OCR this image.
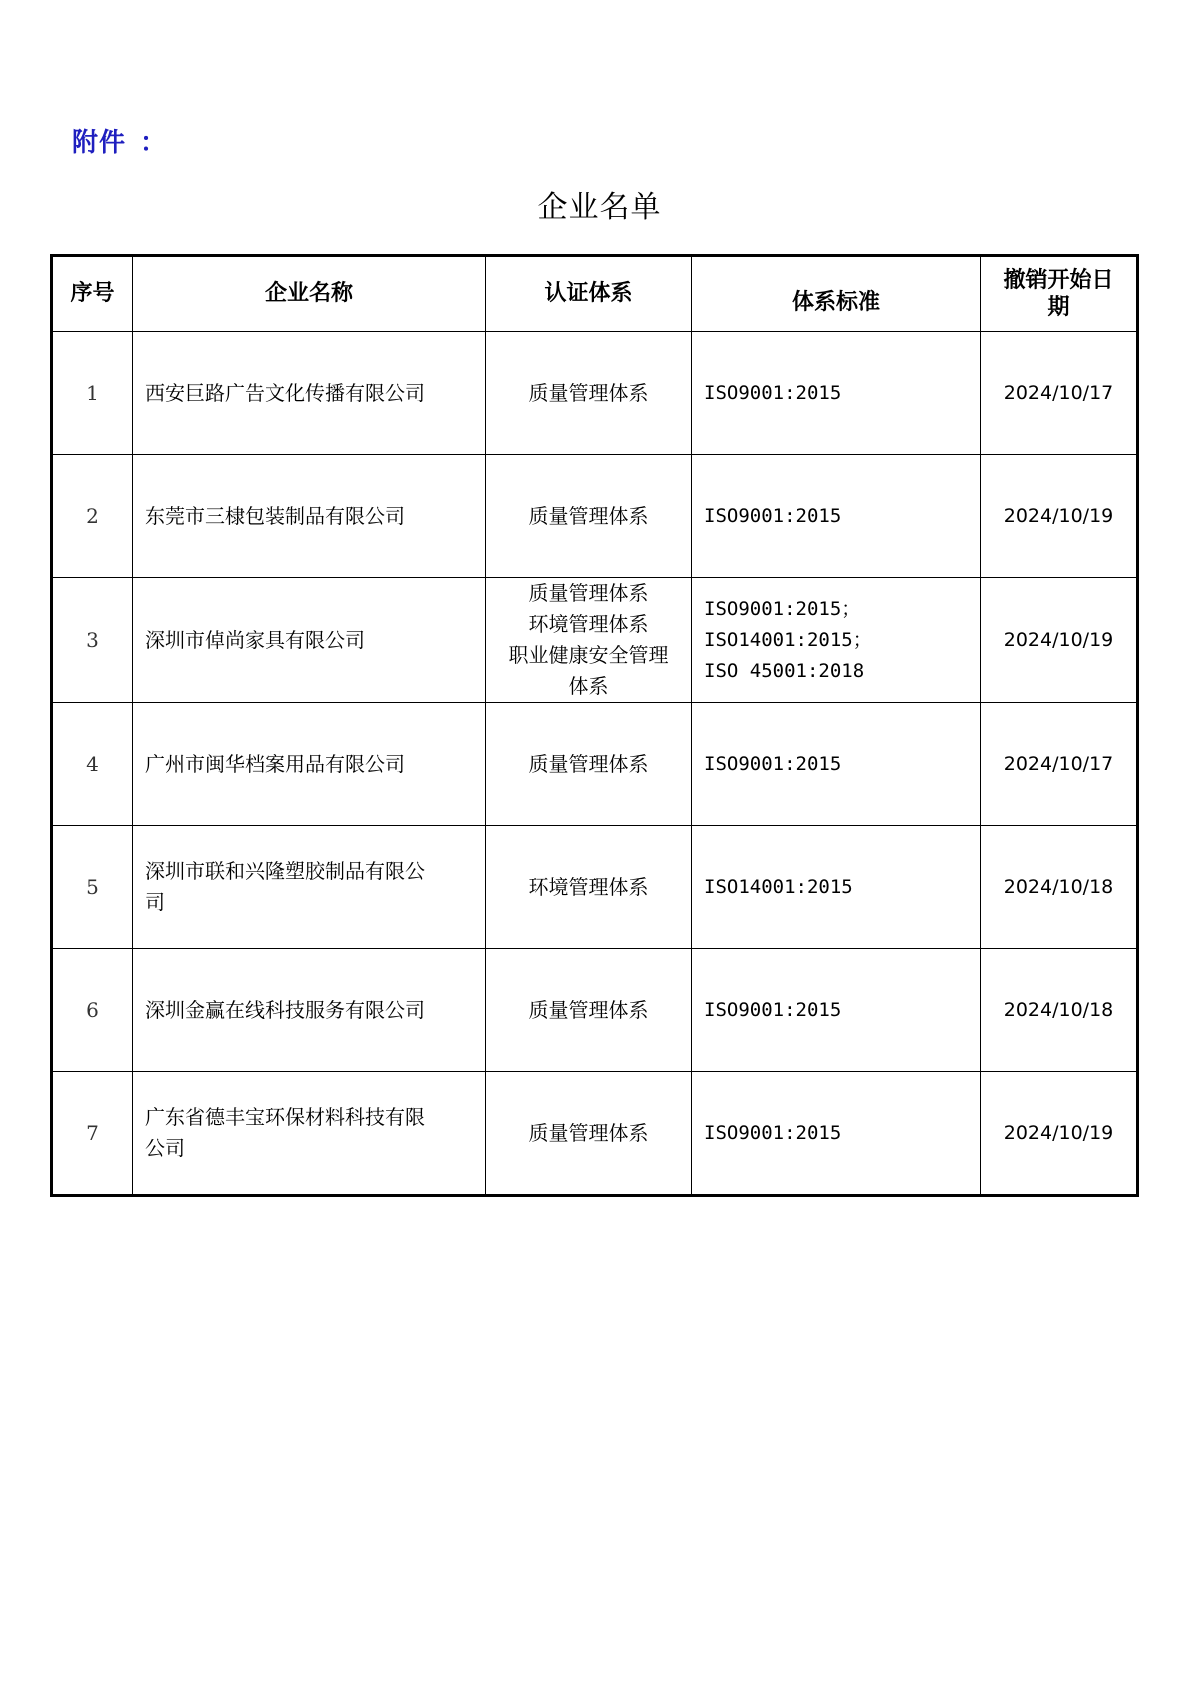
附件 ：
企业名单
序号	企业名称	认证体系	体系标准	撤销开始日
期

1	西安巨路广告文化传播有限公司	质量管理体系	ISO9001:2015	2024/10/17
2	东莞市三棣包装制品有限公司	质量管理体系	ISO9001:2015	2024/10/19
3	深圳市倬尚家具有限公司	质量管理体系
环境管理体系
职业健康安全管理
体系	ISO9001:2015；
ISO14001:2015；
ISO 45001:2018	2024/10/19
4	广州市闽华档案用品有限公司	质量管理体系	ISO9001:2015	2024/10/17
5	深圳市联和兴隆塑胶制品有限公
司	环境管理体系	ISO14001:2015	2024/10/18
6	深圳金赢在线科技服务有限公司	质量管理体系	ISO9001:2015	2024/10/18
7	广东省德丰宝环保材料科技有限
公司	质量管理体系	ISO9001:2015	2024/10/19
